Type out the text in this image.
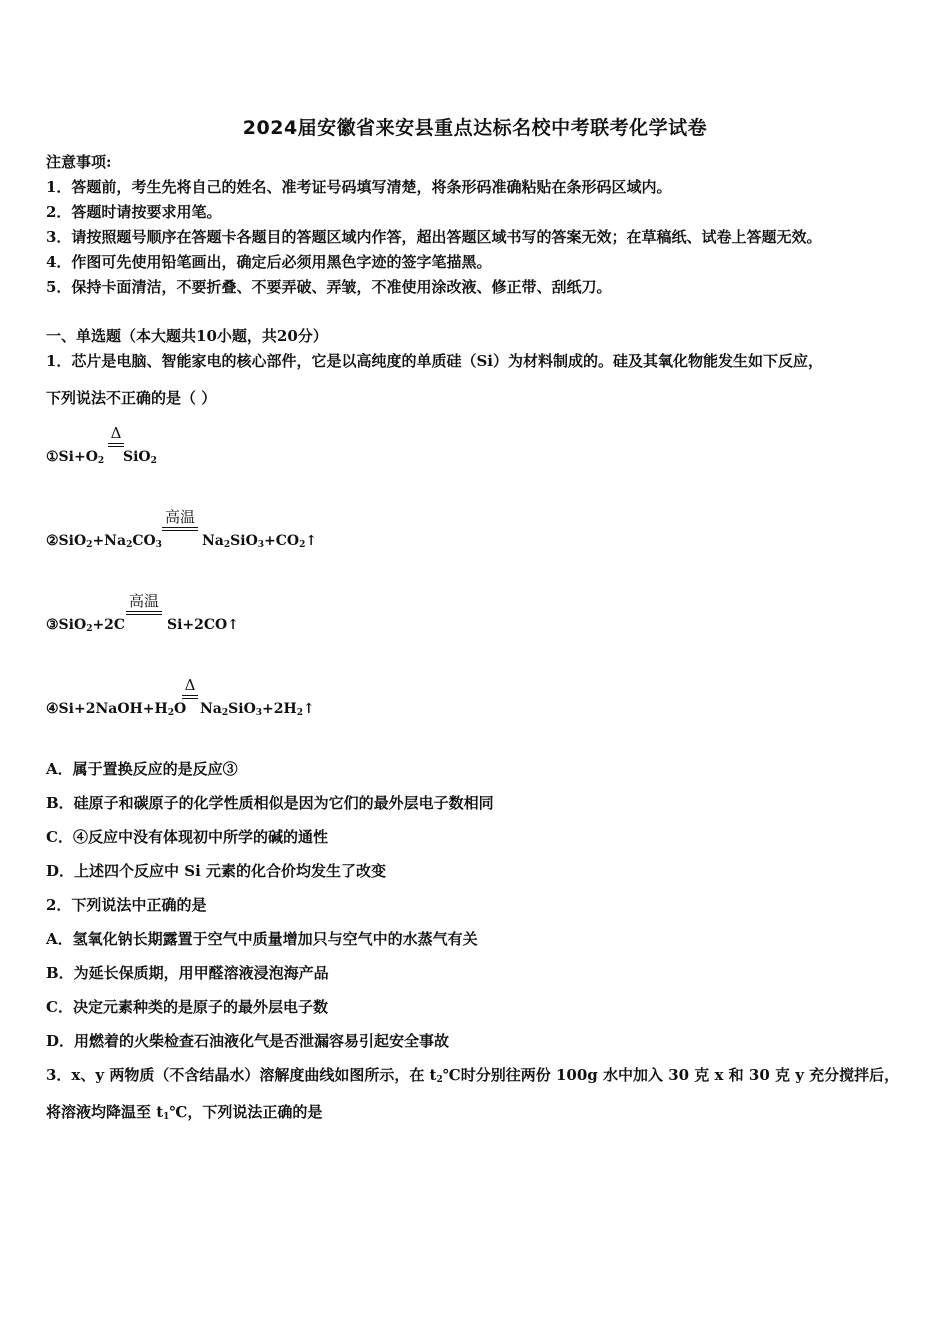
2024届安徽省来安县重点达标名校中考联考化学试卷
注意事项:
1．答题前，考生先将自己的姓名、准考证号码填写清楚，将条形码准确粘贴在条形码区域内。
2．答题时请按要求用笔。
3．请按照题号顺序在答题卡各题目的答题区域内作答，超出答题区域书写的答案无效；在草稿纸、试卷上答题无效。
4．作图可先使用铅笔画出，确定后必须用黑色字迹的签字笔描黑。
5．保持卡面清洁，不要折叠、不要弄破、弄皱，不准使用涂改液、修正带、刮纸刀。
一、单选题（本大题共10小题，共20分）
1．芯片是电脑、智能家电的核心部件，它是以高纯度的单质硅（Si）为材料制成的。硅及其氧化物能发生如下反应，
下列说法不正确的是（ ）
$①Si+O_2$
Δ
SiO$_2$
$②SiO_2+Na_2CO_3$
高温
$Na_2SiO_3+CO_2↑$
③SiO$_2$+2C
高温
Si+2CO↑
$④Si+2NaOH+H_2O$
Δ
$Na_2SiO_3+2H_2↑$
A．属于置换反应的是反应③
B．硅原子和碳原子的化学性质相似是因为它们的最外层电子数相同
C．④反应中没有体现初中所学的碱的通性
D．上述四个反应中 Si 元素的化合价均发生了改变
2．下列说法中正确的是
A．氢氧化钠长期露置于空气中质量增加只与空气中的水蒸气有关
B．为延长保质期，用甲醛溶液浸泡海产品
C．决定元素种类的是原子的最外层电子数
D．用燃着的火柴检查石油液化气是否泄漏容易引起安全事故
3．x、y 两物质（不含结晶水）溶解度曲线如图所示，在 t2℃时分别往两份 100g 水中加入 30 克 x 和 30 克 y 充分搅拌后，
将溶液均降温至 t1℃，下列说法正确的是
